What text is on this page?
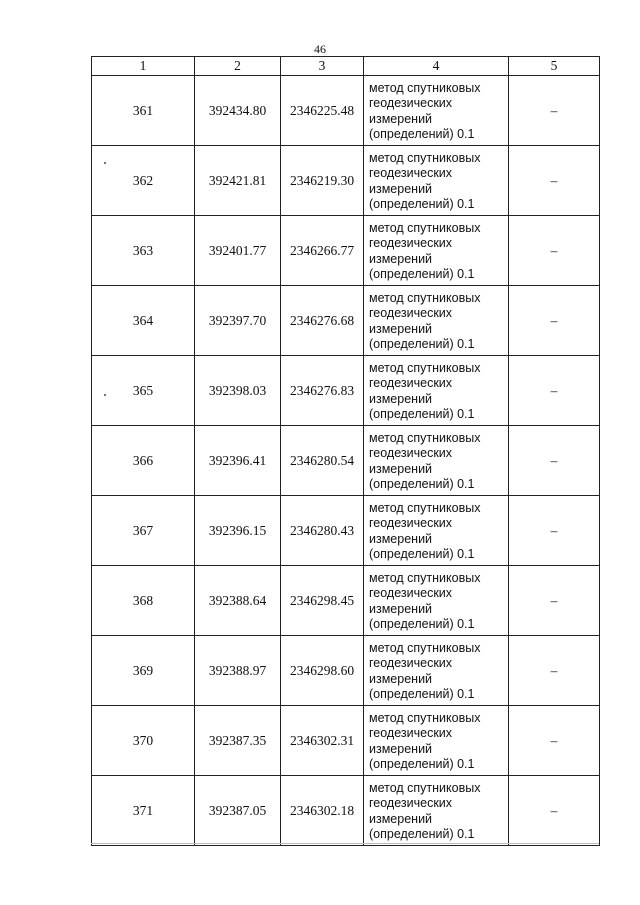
46
1	2	3	4	5
361	392434.80	2346225.48	метод спутниковых
геодезических
измерений
(определений) 0.1	–
362	392421.81	2346219.30	метод спутниковых
геодезических
измерений
(определений) 0.1	–
363	392401.77	2346266.77	метод спутниковых
геодезических
измерений
(определений) 0.1	–
364	392397.70	2346276.68	метод спутниковых
геодезических
измерений
(определений) 0.1	–
365	392398.03	2346276.83	метод спутниковых
геодезических
измерений
(определений) 0.1	–
366	392396.41	2346280.54	метод спутниковых
геодезических
измерений
(определений) 0.1	–
367	392396.15	2346280.43	метод спутниковых
геодезических
измерений
(определений) 0.1	–
368	392388.64	2346298.45	метод спутниковых
геодезических
измерений
(определений) 0.1	–
369	392388.97	2346298.60	метод спутниковых
геодезических
измерений
(определений) 0.1	–
370	392387.35	2346302.31	метод спутниковых
геодезических
измерений
(определений) 0.1	–
371	392387.05	2346302.18	метод спутниковых
геодезических
измерений
(определений) 0.1	–
